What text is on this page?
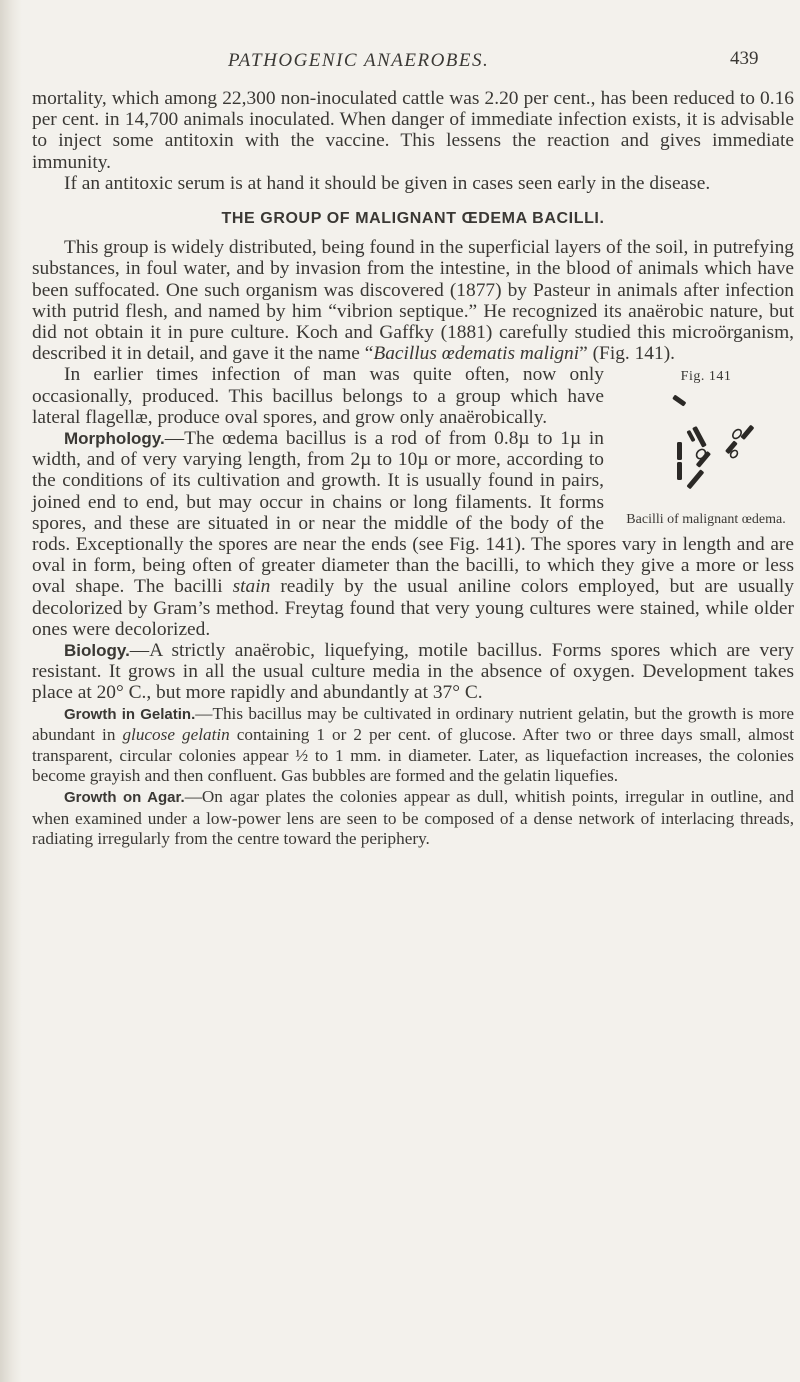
PATHOGENIC ANAEROBES.	439

mortality, which among 22,300 non-inoculated cattle was 2.20 per cent., has been reduced to 0.16 per cent. in 14,700 animals inoculated. When danger of immediate infection exists, it is advisable to inject some antitoxin with the vaccine. This lessens the reaction and gives immediate immunity.

If an antitoxic serum is at hand it should be given in cases seen early in the disease.

THE GROUP OF MALIGNANT ŒDEMA BACILLI.

This group is widely distributed, being found in the superficial layers of the soil, in putrefying substances, in foul water, and by invasion from the intestine, in the blood of animals which have been suffocated. One such organism was discovered (1877) by Pasteur in animals after infection with putrid flesh, and named by him “vibrion septique.” He recognized its anaërobic nature, but did not obtain it in pure culture. Koch and Gaffky (1881) carefully studied this microörganism, described it in detail, and gave it the name “Bacillus œdematis maligni” (Fig. 141).

Fig. 141
Bacilli of malignant œdema.

In earlier times infection of man was quite often, now only occasionally, produced. This bacillus belongs to a group which have lateral flagellæ, produce oval spores, and grow only anaërobically.

Morphology.—The œdema bacillus is a rod of from 0.8µ to 1µ in width, and of very varying length, from 2µ to 10µ or more, according to the conditions of its cultivation and growth. It is usually found in pairs, joined end to end, but may occur in chains or long filaments. It forms spores, and these are situated in or near the middle of the body of the rods. Exceptionally the spores are near the ends (see Fig. 141). The spores vary in length and are oval in form, being often of greater diameter than the bacilli, to which they give a more or less oval shape. The bacilli stain readily by the usual aniline colors employed, but are usually decolorized by Gram’s method. Freytag found that very young cultures were stained, while older ones were decolorized.

Biology.—A strictly anaërobic, liquefying, motile bacillus. Forms spores which are very resistant. It grows in all the usual culture media in the absence of oxygen. Development takes place at 20° C., but more rapidly and abundantly at 37° C.

Growth in Gelatin.—This bacillus may be cultivated in ordinary nutrient gelatin, but the growth is more abundant in glucose gelatin containing 1 or 2 per cent. of glucose. After two or three days small, almost transparent, circular colonies appear ½ to 1 mm. in diameter. Later, as liquefaction increases, the colonies become grayish and then confluent. Gas bubbles are formed and the gelatin liquefies.

Growth on Agar.—On agar plates the colonies appear as dull, whitish points, irregular in outline, and when examined under a low-power lens are seen to be composed of a dense network of interlacing threads, radiating irregularly from the centre toward the periphery.
